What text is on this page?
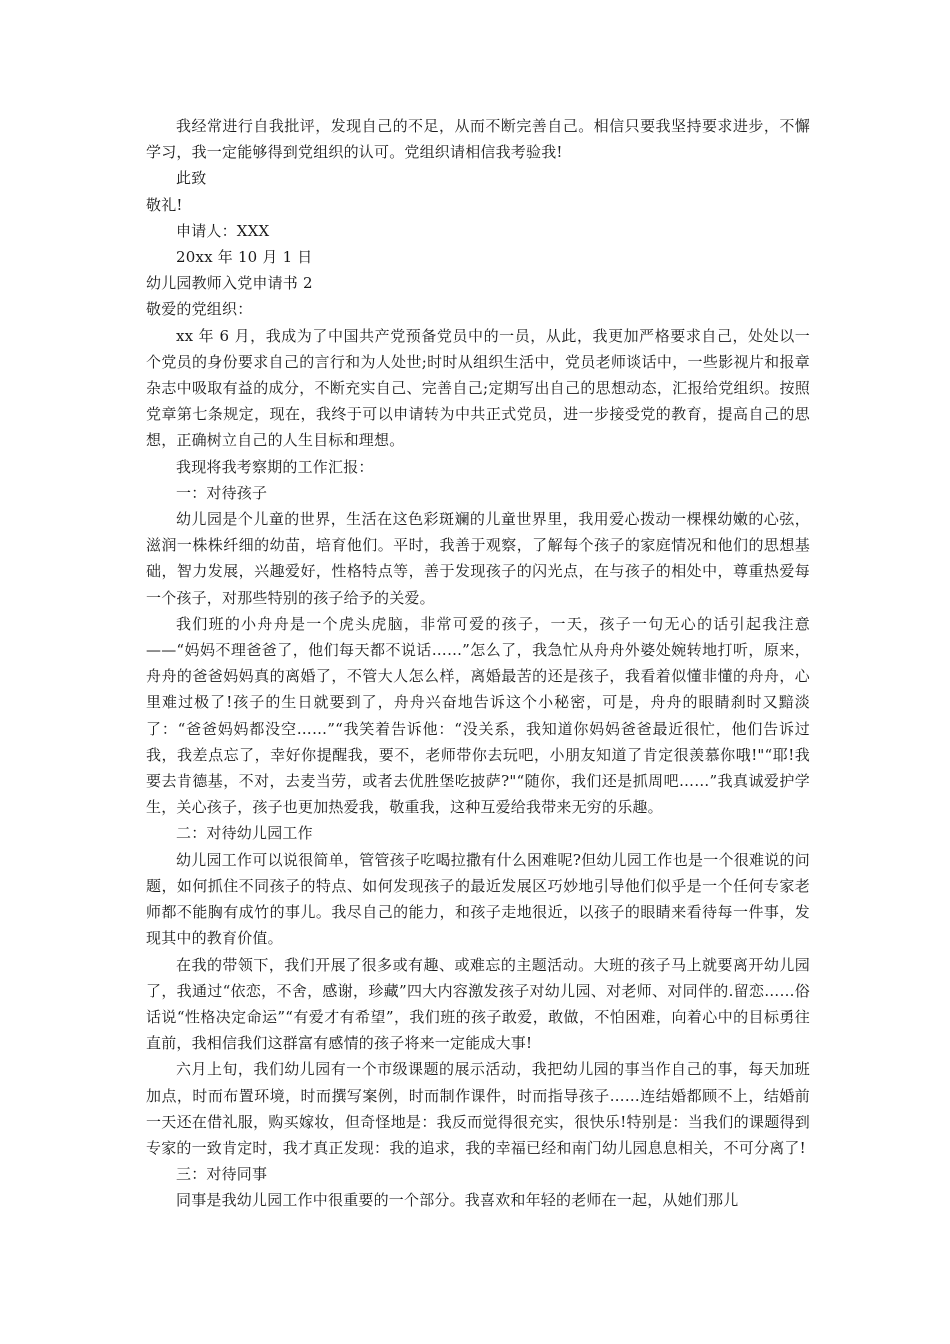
我经常进行自我批评，发现自己的不足，从而不断完善自己。相信只要我坚持要求进步，不懈学习，我一定能够得到党组织的认可。党组织请相信我考验我!

此致

敬礼!

申请人：XXX

20xx 年 10 月 1 日

幼儿园教师入党申请书 2

敬爱的党组织：

xx 年 6 月，我成为了中国共产党预备党员中的一员，从此，我更加严格要求自己，处处以一个党员的身份要求自己的言行和为人处世;时时从组织生活中，党员老师谈话中，一些影视片和报章杂志中吸取有益的成分，不断充实自己、完善自己;定期写出自己的思想动态，汇报给党组织。按照党章第七条规定，现在，我终于可以申请转为中共正式党员，进一步接受党的教育，提高自己的思想，正确树立自己的人生目标和理想。

我现将我考察期的工作汇报：

一：对待孩子

幼儿园是个儿童的世界，生活在这色彩斑斓的儿童世界里，我用爱心拨动一棵棵幼嫩的心弦，滋润一株株纤细的幼苗，培育他们。平时，我善于观察，了解每个孩子的家庭情况和他们的思想基础，智力发展，兴趣爱好，性格特点等，善于发现孩子的闪光点，在与孩子的相处中，尊重热爱每一个孩子，对那些特别的孩子给予的关爱。

我们班的小舟舟是一个虎头虎脑，非常可爱的孩子，一天，孩子一句无心的话引起我注意——“妈妈不理爸爸了，他们每天都不说话……”怎么了，我急忙从舟舟外婆处婉转地打听，原来，舟舟的爸爸妈妈真的离婚了，不管大人怎么样，离婚最苦的还是孩子，我看着似懂非懂的舟舟，心里难过极了!孩子的生日就要到了，舟舟兴奋地告诉这个小秘密，可是，舟舟的眼睛刹时又黯淡了：“爸爸妈妈都没空……”“我笑着告诉他：“没关系，我知道你妈妈爸爸最近很忙，他们告诉过我，我差点忘了，幸好你提醒我，要不，老师带你去玩吧，小朋友知道了肯定很羡慕你哦!"“耶!我要去肯德基，不对，去麦当劳，或者去优胜堡吃披萨?"“随你，我们还是抓周吧……”我真诚爱护学生，关心孩子，孩子也更加热爱我，敬重我，这种互爱给我带来无穷的乐趣。

二：对待幼儿园工作

幼儿园工作可以说很简单，管管孩子吃喝拉撒有什么困难呢?但幼儿园工作也是一个很难说的问题，如何抓住不同孩子的特点、如何发现孩子的最近发展区巧妙地引导他们似乎是一个任何专家老师都不能胸有成竹的事儿。我尽自己的能力，和孩子走地很近，以孩子的眼睛来看待每一件事，发现其中的教育价值。

在我的带领下，我们开展了很多或有趣、或难忘的主题活动。大班的孩子马上就要离开幼儿园了，我通过“依恋，不舍，感谢，珍藏”四大内容激发孩子对幼儿园、对老师、对同伴的.留恋……俗话说“性格决定命运”“有爱才有希望”，我们班的孩子敢爱，敢做，不怕困难，向着心中的目标勇往直前，我相信我们这群富有感情的孩子将来一定能成大事!

六月上旬，我们幼儿园有一个市级课题的展示活动，我把幼儿园的事当作自己的事，每天加班加点，时而布置环境，时而撰写案例，时而制作课件，时而指导孩子……连结婚都顾不上，结婚前一天还在借礼服，购买嫁妆，但奇怪地是：我反而觉得很充实，很快乐!特别是：当我们的课题得到专家的一致肯定时，我才真正发现：我的追求，我的幸福已经和南门幼儿园息息相关，不可分离了!

三：对待同事

同事是我幼儿园工作中很重要的一个部分。我喜欢和年轻的老师在一起，从她们那儿
